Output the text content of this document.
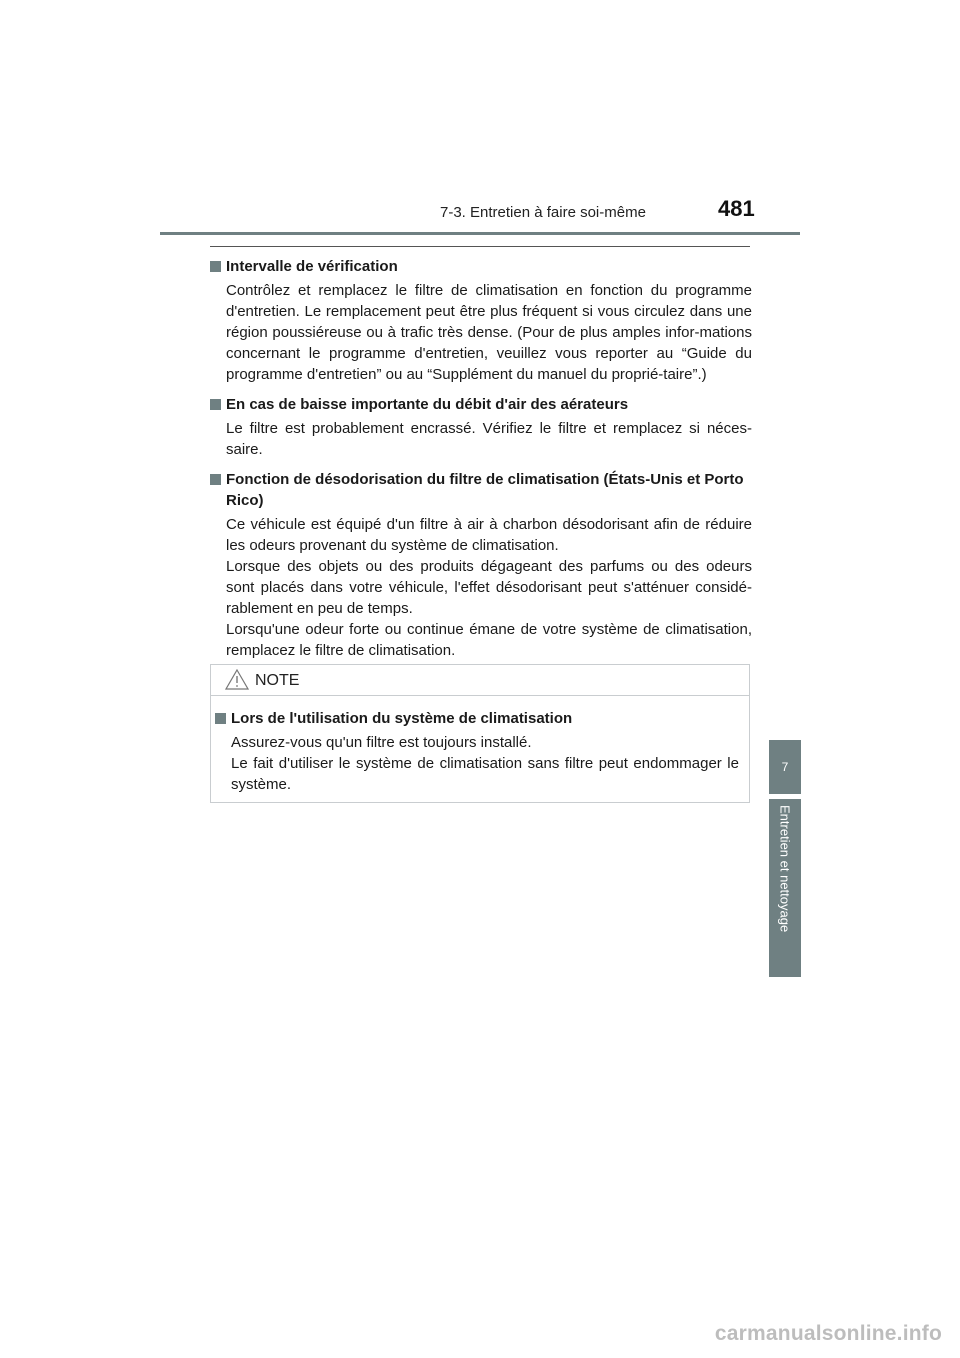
7-3. Entretien à faire soi-même	481
Intervalle de vérification
Contrôlez et remplacez le filtre de climatisation en fonction du programme d'entretien. Le remplacement peut être plus fréquent si vous circulez dans une région poussiéreuse ou à trafic très dense. (Pour de plus amples infor-mations concernant le programme d'entretien, veuillez vous reporter au “Guide du programme d'entretien” ou au “Supplément du manuel du proprié-taire”.)
En cas de baisse importante du débit d'air des aérateurs
Le filtre est probablement encrassé. Vérifiez le filtre et remplacez si néces-saire.
Fonction de désodorisation du filtre de climatisation (États-Unis et Porto Rico)
Ce véhicule est équipé d'un filtre à air à charbon désodorisant afin de réduire les odeurs provenant du système de climatisation.
Lorsque des objets ou des produits dégageant des parfums ou des odeurs sont placés dans votre véhicule, l'effet désodorisant peut s'atténuer considé-rablement en peu de temps.
Lorsqu'une odeur forte ou continue émane de votre système de climatisation, remplacez le filtre de climatisation.
NOTE
Lors de l'utilisation du système de climatisation
Assurez-vous qu'un filtre est toujours installé.
Le fait d'utiliser le système de climatisation sans filtre peut endommager le système.
7
Entretien et nettoyage
carmanualsonline.info
